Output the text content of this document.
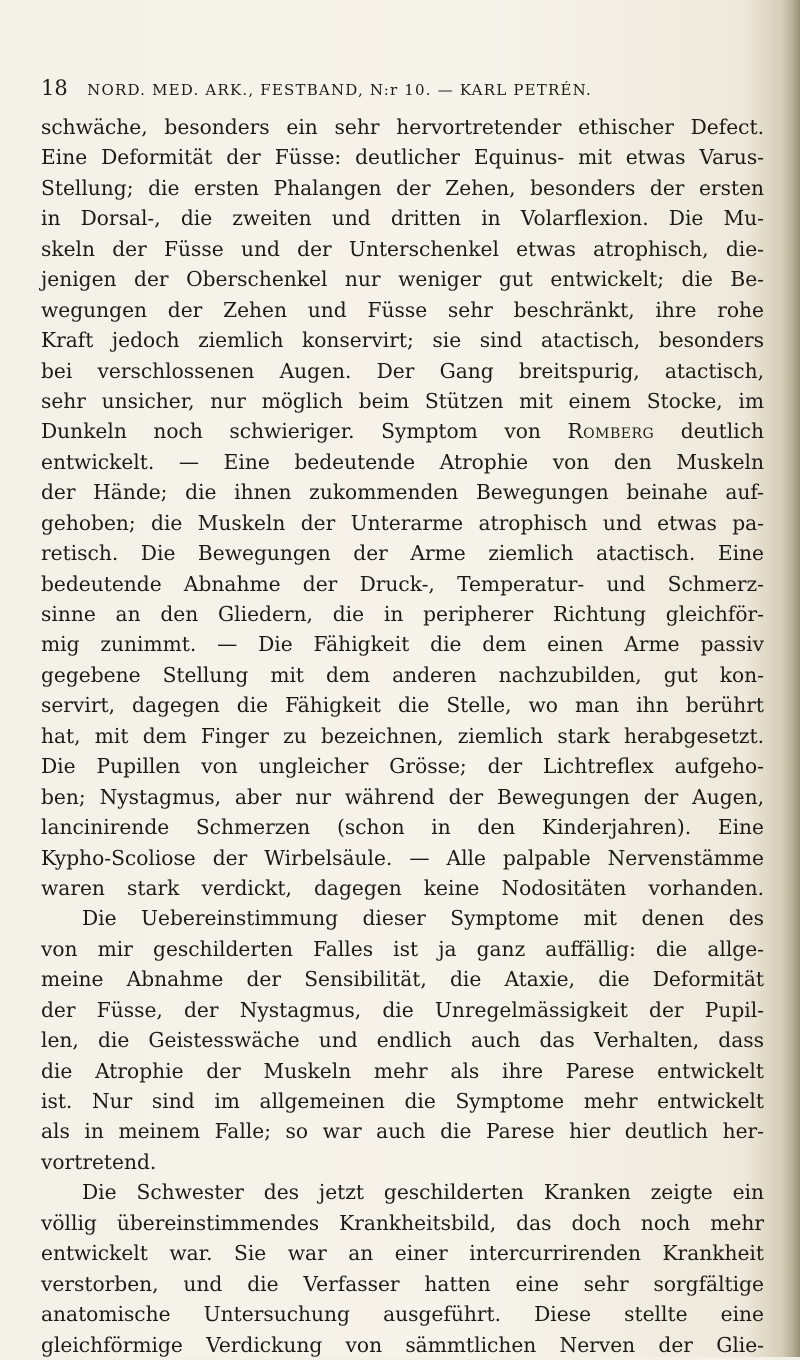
18 NORD. MED. ARK., FESTBAND, N:r 10. — KARL PETRÉN.
schwäche, besonders ein sehr hervortretender ethischer Defect.
Eine Deformität der Füsse: deutlicher Equinus- mit etwas Varus-
Stellung; die ersten Phalangen der Zehen, besonders der ersten
in Dorsal-, die zweiten und dritten in Volarflexion. Die Mu-
skeln der Füsse und der Unterschenkel etwas atrophisch, die-
jenigen der Oberschenkel nur weniger gut entwickelt; die Be-
wegungen der Zehen und Füsse sehr beschränkt, ihre rohe
Kraft jedoch ziemlich konservirt; sie sind atactisch, besonders
bei verschlossenen Augen. Der Gang breitspurig, atactisch,
sehr unsicher, nur möglich beim Stützen mit einem Stocke, im
Dunkeln noch schwieriger. Symptom von Romberg deutlich
entwickelt. — Eine bedeutende Atrophie von den Muskeln
der Hände; die ihnen zukommenden Bewegungen beinahe auf-
gehoben; die Muskeln der Unterarme atrophisch und etwas pa-
retisch. Die Bewegungen der Arme ziemlich atactisch. Eine
bedeutende Abnahme der Druck-, Temperatur- und Schmerz-
sinne an den Gliedern, die in peripherer Richtung gleichför-
mig zunimmt. — Die Fähigkeit die dem einen Arme passiv
gegebene Stellung mit dem anderen nachzubilden, gut kon-
servirt, dagegen die Fähigkeit die Stelle, wo man ihn berührt
hat, mit dem Finger zu bezeichnen, ziemlich stark herabgesetzt.
Die Pupillen von ungleicher Grösse; der Lichtreflex aufgeho-
ben; Nystagmus, aber nur während der Bewegungen der Augen,
lancinirende Schmerzen (schon in den Kinderjahren). Eine
Kypho-Scoliose der Wirbelsäule. — Alle palpable Nervenstämme
waren stark verdickt, dagegen keine Nodositäten vorhanden.
Die Uebereinstimmung dieser Symptome mit denen des
von mir geschilderten Falles ist ja ganz auffällig: die allge-
meine Abnahme der Sensibilität, die Ataxie, die Deformität
der Füsse, der Nystagmus, die Unregelmässigkeit der Pupil-
len, die Geistesswäche und endlich auch das Verhalten, dass
die Atrophie der Muskeln mehr als ihre Parese entwickelt
ist. Nur sind im allgemeinen die Symptome mehr entwickelt
als in meinem Falle; so war auch die Parese hier deutlich her-
vortretend.
Die Schwester des jetzt geschilderten Kranken zeigte ein
völlig übereinstimmendes Krankheitsbild, das doch noch mehr
entwickelt war. Sie war an einer intercurrirenden Krankheit
verstorben, und die Verfasser hatten eine sehr sorgfältige
anatomische Untersuchung ausgeführt. Diese stellte eine
gleichförmige Verdickung von sämmtlichen Nerven der Glie-
